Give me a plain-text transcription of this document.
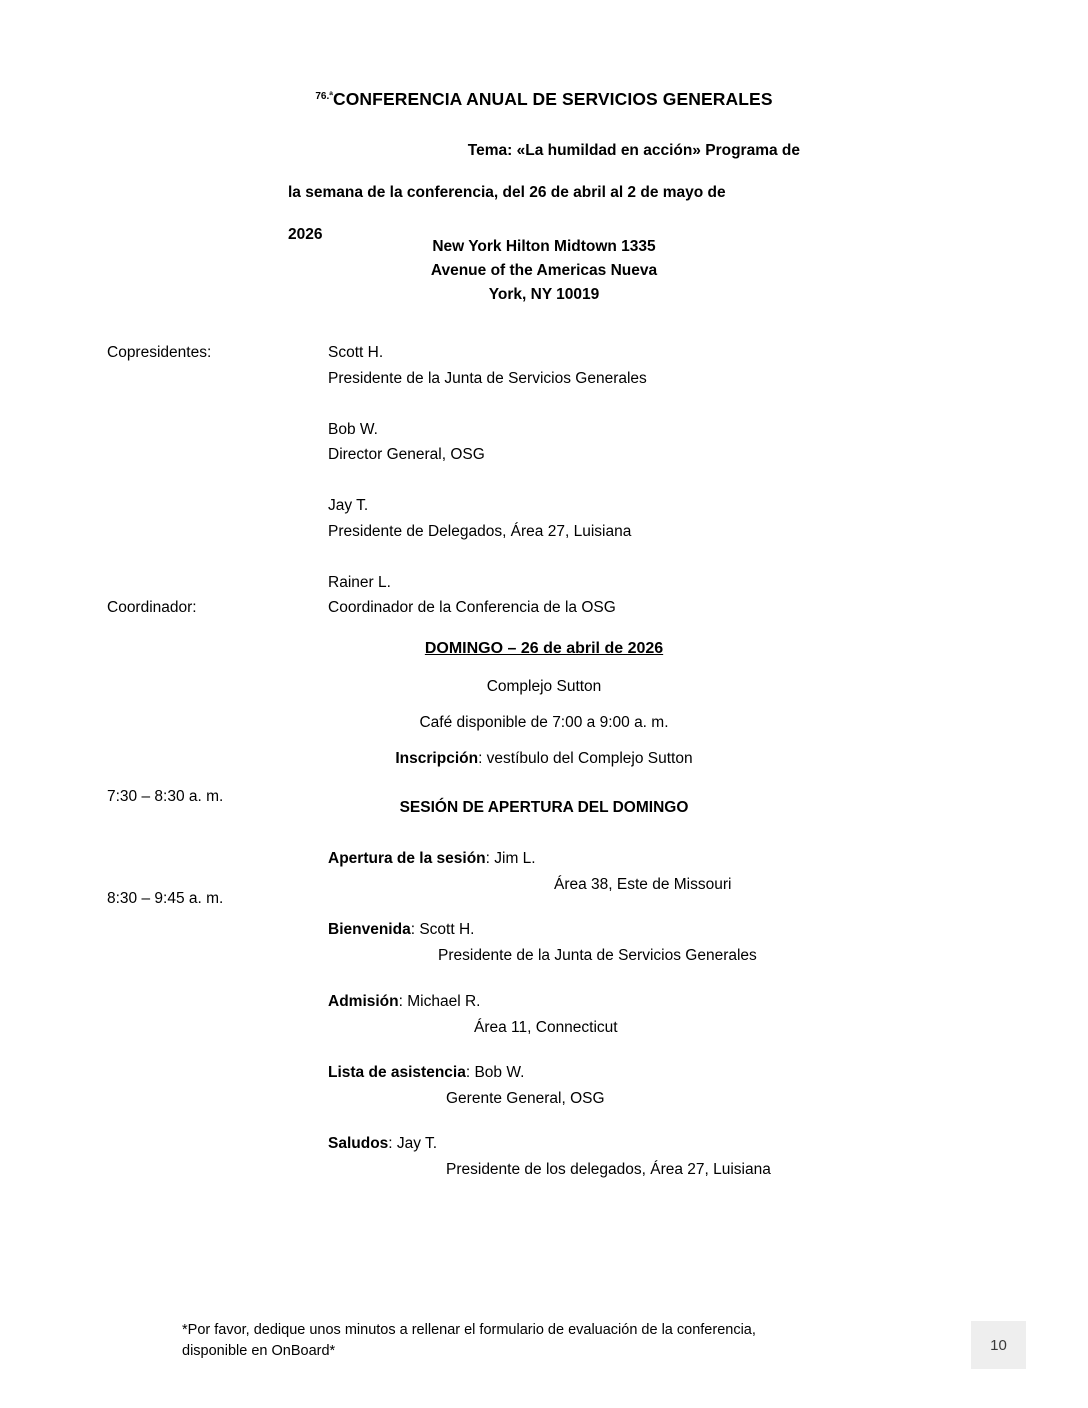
$^{76.ª}$CONFERENCIA ANUAL DE SERVICIOS GENERALES
Tema: «La humildad en acción» Programa de
la semana de la conferencia, del 26 de abril al 2 de mayo de
2026
New York Hilton Midtown 1335
Avenue of the Americas Nueva
York, NY 10019
Copresidentes:	Scott H.
Presidente de la Junta de Servicios Generales
Bob W.
Director General, OSG
Jay T.
Presidente de Delegados, Área 27, Luisiana
Coordinador:
Rainer L.
Coordinador de la Conferencia de la OSG
DOMINGO – 26 de abril de 2026
Complejo Sutton
Café disponible de 7:00 a 9:00 a. m.
Inscripción: vestíbulo del Complejo Sutton
7:30 – 8:30 a. m.
SESIÓN DE APERTURA DEL DOMINGO
8:30 – 9:45 a. m.
Apertura de la sesión: Jim L.
Área 38, Este de Missouri
Bienvenida: Scott H.
Presidente de la Junta de Servicios Generales
Admisión: Michael R.
Área 11, Connecticut
Lista de asistencia: Bob W.
Gerente General, OSG
Saludos: Jay T.
Presidente de los delegados, Área 27, Luisiana
*Por favor, dedique unos minutos a rellenar el formulario de evaluación de la conferencia,
disponible en OnBoard*	10
